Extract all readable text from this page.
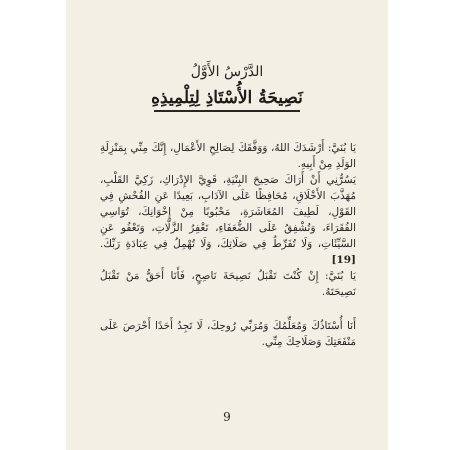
الدَّرْسُ الأَوَّلُ
نَصِيحَةُ الأُسْتَاذِ لِتِلْمِيذِهِ

يَا بُنَيَّ: أَرْشَدَكَ اللهُ، وَوَفَّقَكَ لِصَالِحِ الأَعْمَالِ، إِنَّكَ مِنِّي بِمَنْزِلَةِ الوَلَدِ مِنْ أَبِيهِ.

يَسُرُّنِي أَنْ أَرَاكَ صَحِيحَ البِنْيَةِ، قَوِيَّ الإِدْرَاكِ، زَكِيَّ القَلْبِ، مُهَذَّبَ الأَخْلَاقِ، مُحَافِظًا عَلَى الآدَابِ، بَعِيدًا عَنِ الفُحْشِ فِي القَوْلِ، لَطِيفَ المُعَاشَرَةِ، مَحْبُوبًا مِنْ إِخْوَانِكَ، تُوَاسِي الفُقَرَاءَ، وَتُشْفِقُ عَلَى الضُّعَفَاءِ، تَغْفِرُ الزَّلَّاتِ، وَتَعْفُو عَنِ السَّيِّئَاتِ، وَلَا تُفَرِّطُ فِي صَلَاتِكَ، وَلَا تُهْمِلُ فِي عِبَادَةِ رَبِّكَ. [19]

يَا بُنَيَّ: إِنْ كُنْتَ تَقْبَلُ نَصِيحَةَ نَاصِحٍ، فَأَنَا أَحَقُّ مَنْ تَقْبَلُ نَصِيحَتَهُ.

أَنَا أُسْتَاذُكَ وَمُعَلِّمُكَ وَمُرَبِّي رُوحِكَ، لَا تَجِدُ أَحَدًا أَحْرَصَ عَلَى مَنْفَعَتِكَ وَصَلَاحِكَ مِنِّي.

9
